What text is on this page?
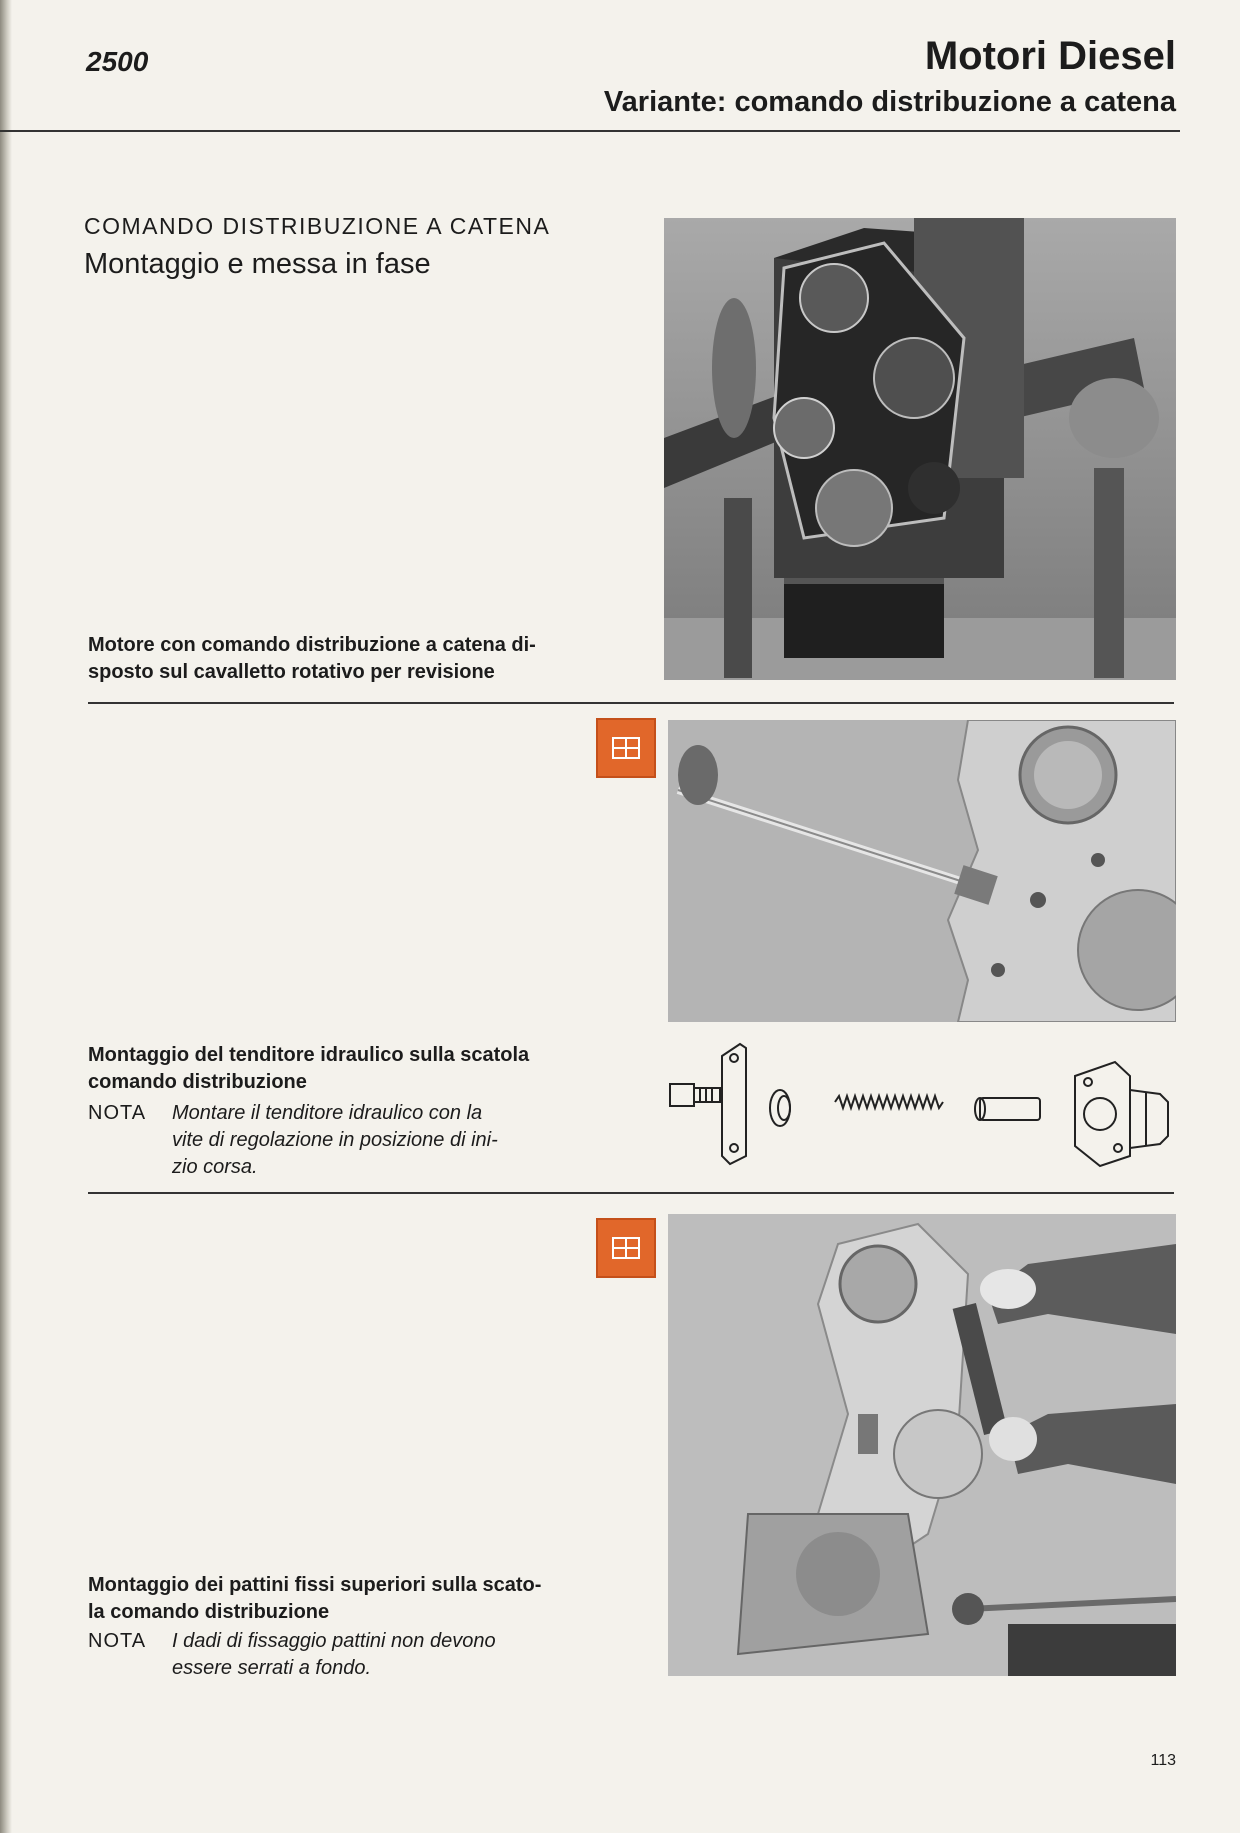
2500	Motori Diesel
Variante: comando distribuzione a catena
COMANDO DISTRIBUZIONE A CATENA
Montaggio e messa in fase
Motore con comando distribuzione a catena di-
sposto sul cavalletto rotativo per revisione
Montaggio del tenditore idraulico sulla scatola
comando distribuzione
NOTA	Montare il tenditore idraulico con la
vite di regolazione in posizione di ini-
zio corsa.
Montaggio dei pattini fissi superiori sulla scato-
la comando distribuzione
NOTA	I dadi di fissaggio pattini non devono
essere serrati a fondo.
113
